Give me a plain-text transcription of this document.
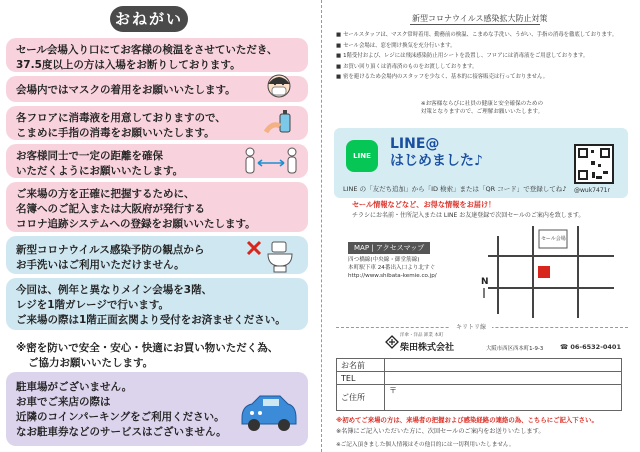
おねがい

セール会場入り口にてお客様の検温をさせていただき、

37.5度以上の方は入場をお断りしております。

会場内ではマスクの着用をお願いいたします。

各フロアに消毒液を用意しておりますので、

こまめに手指の消毒をお願いいたします。

お客様同士で一定の距離を確保

いただくようにお願いいたします。

ご来場の方を正確に把握するために、

名簿へのご記入または大阪府が発行する

コロナ追跡システムへの登録をお願いいたします。

新型コロナウイルス感染予防の観点から

お手洗いはご利用いただけません。

今回は、例年と異なりメイン会場を3階、

レジを1階ガレージで行います。

ご来場の際は1階正面玄関より受付をお済ませください。

※密を防いで安全・安心・快適にお買い物いただく為、

ご協力お願いいたします。

駐車場がございません。

お車でご来店の際は

近隣のコインパーキングをご利用ください。

なお駐車券などのサービスはございません。

新型コロナウイルス感染拡大防止対策
■ セールスタッフは、マスク常時着用、勤務前の検温、こまめな手洗い、うがい、手指の消毒を徹底しております。
■ セール会場は、窓を開け換気を充分行います。
■ 1階受付および、レジには飛沫感染防止用シートを設置し、フロアには消毒液をご用意しております。
■ お買い回り頂くは消毒済のものをお渡ししております。
■ 密を避けるため会場内のスタッフを少なく、基本的に接客販売は行っておりません。
※お客様ならびに社員の健康と安全確保のための
対策となりますので、ご理解お願いいたします。
LINE
LINE@
はじめました♪
LINE の「友だち追加」から「ID 検索」または「QR コード」で登録してね♪ @wuk7471r
セール情報などなど、お得な情報をお届け！
チラシにお名前・住所記入または LINE お友達登録で次回セールのご案内を致します。
MAP | アクセスマップ
四つ橋線(中央線・御堂筋線)
本町駅下車 24番出入口より北すぐ
http://www.shibata-kemie.co.jp/
セール会場
N
キリトリ線
洋傘・洋品 卸業 本町
柴田株式会社	大阪市西区西本町1-9-3	☎ 06-6532-0401
お名前	
TEL	
ご住所	〒
※初めてご来場の方は、来場者の把握および感染経路の連絡の為、こちらにご記入下さい。
※名簿にご記入いただいた方に、次回セールのご案内をお送りいたします。
※ご記入頂きました個人情報はその他目的には一切利用いたしません。
